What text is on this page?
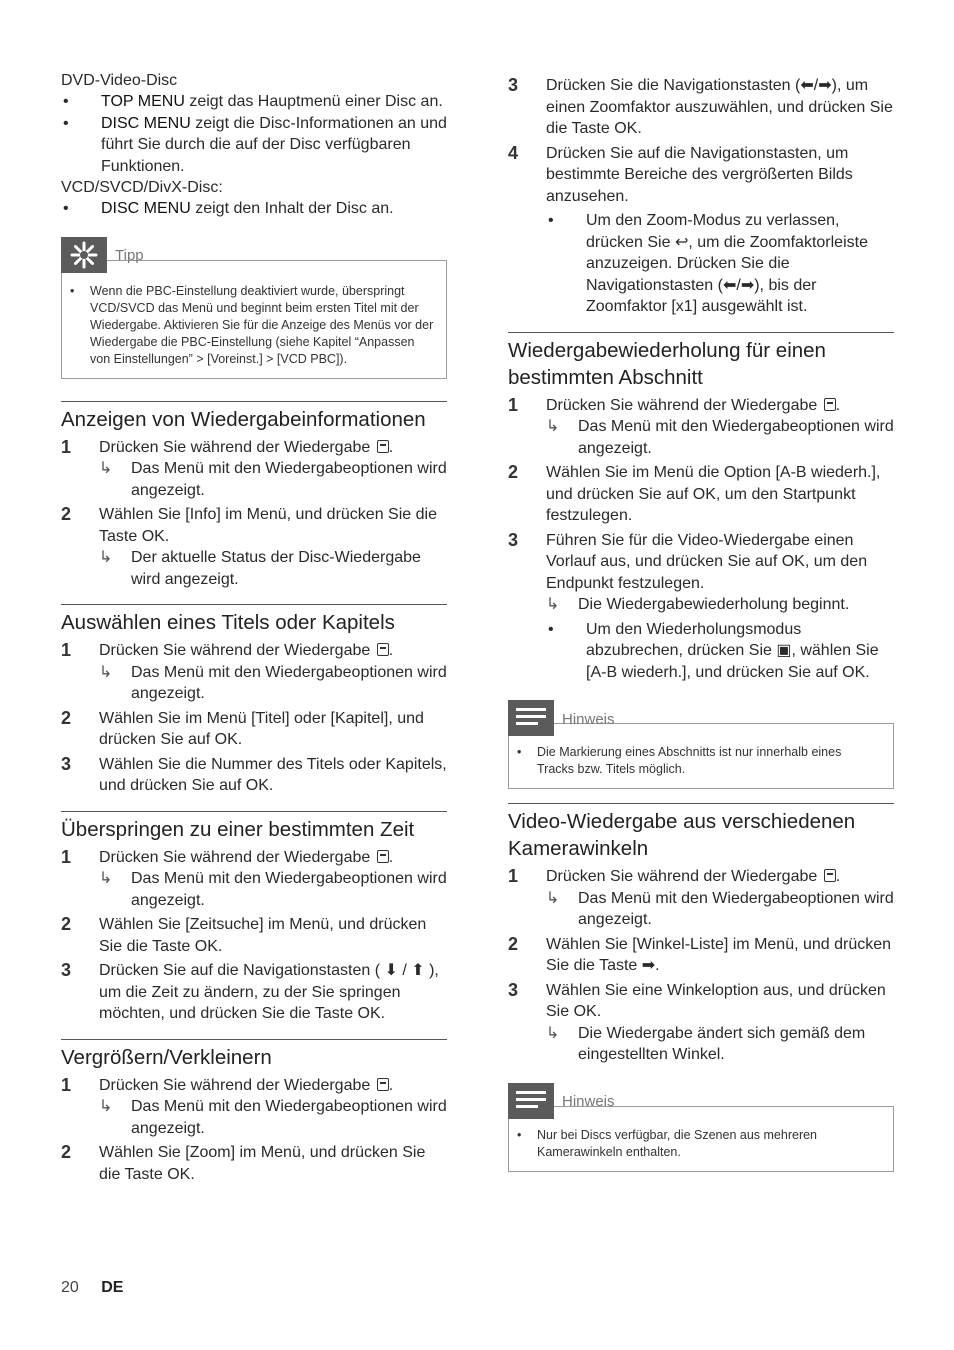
DVD-Video-Disc
•	TOP MENU zeigt das Hauptmenü einer Disc an.
•	DISC MENU zeigt die Disc-Informationen an und führt Sie durch die auf der Disc verfügbaren Funktionen.
VCD/SVCD/DivX-Disc:
•	DISC MENU zeigt den Inhalt der Disc an.
Tipp
•	Wenn die PBC-Einstellung deaktiviert wurde, überspringt VCD/SVCD das Menü und beginnt beim ersten Titel mit der Wiedergabe. Aktivieren Sie für die Anzeige des Menüs vor der Wiedergabe die PBC-Einstellung (siehe Kapitel “Anpassen von Einstellungen” > [Voreinst.] > [VCD PBC]).
Anzeigen von Wiedergabeinformationen
1	Drücken Sie während der Wiedergabe .
↳	Das Menü mit den Wiedergabeoptionen wird angezeigt.
2	Wählen Sie [Info] im Menü, und drücken Sie die Taste OK.
↳	Der aktuelle Status der Disc-Wiedergabe wird angezeigt.
Auswählen eines Titels oder Kapitels
1	Drücken Sie während der Wiedergabe .
↳	Das Menü mit den Wiedergabeoptionen wird angezeigt.
2	Wählen Sie im Menü [Titel] oder [Kapitel], und drücken Sie auf OK.
3	Wählen Sie die Nummer des Titels oder Kapitels, und drücken Sie auf OK.
Überspringen zu einer bestimmten Zeit
1	Drücken Sie während der Wiedergabe .
↳	Das Menü mit den Wiedergabeoptionen wird angezeigt.
2	Wählen Sie [Zeitsuche] im Menü, und drücken Sie die Taste OK.
3	Drücken Sie auf die Navigationstasten ( ⬇ / ⬆ ), um die Zeit zu ändern, zu der Sie springen möchten, und drücken Sie die Taste OK.
Vergrößern/Verkleinern
1	Drücken Sie während der Wiedergabe .
↳	Das Menü mit den Wiedergabeoptionen wird angezeigt.
2	Wählen Sie [Zoom] im Menü, und drücken Sie die Taste OK.
3	Drücken Sie die Navigationstasten (⬅/➡), um einen Zoomfaktor auszuwählen, und drücken Sie die Taste OK.
4	Drücken Sie auf die Navigationstasten, um bestimmte Bereiche des vergrößerten Bilds anzusehen.
•	Um den Zoom-Modus zu verlassen, drücken Sie ↩, um die Zoomfaktorleiste anzuzeigen. Drücken Sie die Navigationstasten (⬅/➡), bis der Zoomfaktor [x1] ausgewählt ist.
Wiedergabewiederholung für einen bestimmten Abschnitt
1	Drücken Sie während der Wiedergabe .
↳	Das Menü mit den Wiedergabeoptionen wird angezeigt.
2	Wählen Sie im Menü die Option [A-B wiederh.], und drücken Sie auf OK, um den Startpunkt festzulegen.
3	Führen Sie für die Video-Wiedergabe einen Vorlauf aus, und drücken Sie auf OK, um den Endpunkt festzulegen.
↳	Die Wiedergabewiederholung beginnt.
•	Um den Wiederholungsmodus abzubrechen, drücken Sie ▣, wählen Sie [A-B wiederh.], und drücken Sie auf OK.
Hinweis
•	Die Markierung eines Abschnitts ist nur innerhalb eines Tracks bzw. Titels möglich.
Video-Wiedergabe aus verschiedenen Kamerawinkeln
1	Drücken Sie während der Wiedergabe .
↳	Das Menü mit den Wiedergabeoptionen wird angezeigt.
2	Wählen Sie [Winkel-Liste] im Menü, und drücken Sie die Taste ➡.
3	Wählen Sie eine Winkeloption aus, und drücken Sie OK.
↳	Die Wiedergabe ändert sich gemäß dem eingestellten Winkel.
Hinweis
•	Nur bei Discs verfügbar, die Szenen aus mehreren Kamerawinkeln enthalten.
20 DE
